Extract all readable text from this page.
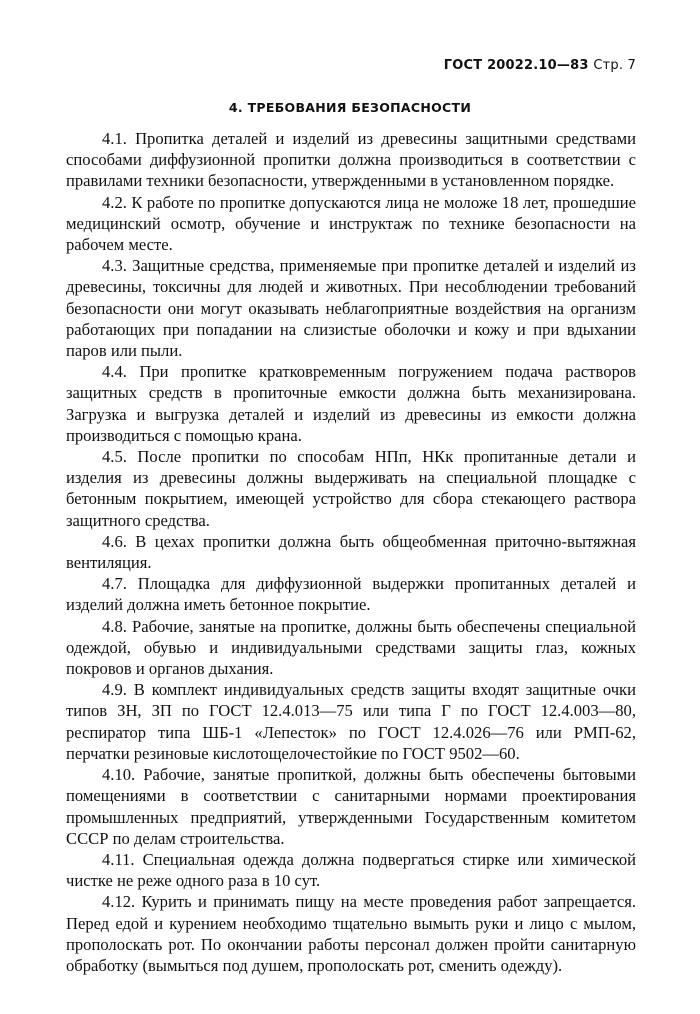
ГОСТ 20022.10—83 Стр. 7
4. ТРЕБОВАНИЯ БЕЗОПАСНОСТИ

4.1. Пропитка деталей и изделий из древесины защитными средствами способами диффузионной пропитки должна производиться в соответствии с правилами техники безопасности, утвержденными в установленном порядке.

4.2. К работе по пропитке допускаются лица не моложе 18 лет, прошедшие медицинский осмотр, обучение и инструктаж по технике безопасности на рабочем месте.

4.3. Защитные средства, применяемые при пропитке деталей и изделий из древесины, токсичны для людей и животных. При несоблюдении требований безопасности они могут оказывать неблагоприятные воздействия на организм работающих при попадании на слизистые оболочки и кожу и при вдыхании паров или пыли.

4.4. При пропитке кратковременным погружением подача растворов защитных средств в пропиточные емкости должна быть механизирована. Загрузка и выгрузка деталей и изделий из древесины из емкости должна производиться с помощью крана.

4.5. После пропитки по способам НПп, НКк пропитанные детали и изделия из древесины должны выдерживать на специальной площадке с бетонным покрытием, имеющей устройство для сбора стекающего раствора защитного средства.

4.6. В цехах пропитки должна быть общеобменная приточно-вытяжная вентиляция.

4.7. Площадка для диффузионной выдержки пропитанных деталей и изделий должна иметь бетонное покрытие.

4.8. Рабочие, занятые на пропитке, должны быть обеспечены специальной одеждой, обувью и индивидуальными средствами защиты глаз, кожных покровов и органов дыхания.

4.9. В комплект индивидуальных средств защиты входят защитные очки типов ЗН, ЗП по ГОСТ 12.4.013—75 или типа Г по ГОСТ 12.4.003—80, респиратор типа ШБ-1 «Лепесток» по ГОСТ 12.4.026—76 или РМП-62, перчатки резиновые кислотощелочестойкие по ГОСТ 9502—60.

4.10. Рабочие, занятые пропиткой, должны быть обеспечены бытовыми помещениями в соответствии с санитарными нормами проектирования промышленных предприятий, утвержденными Государственным комитетом СССР по делам строительства.

4.11. Специальная одежда должна подвергаться стирке или химической чистке не реже одного раза в 10 сут.

4.12. Курить и принимать пищу на месте проведения работ запрещается. Перед едой и курением необходимо тщательно вымыть руки и лицо с мылом, прополоскать рот. По окончании работы персонал должен пройти санитарную обработку (вымыться под душем, прополоскать рот, сменить одежду).
